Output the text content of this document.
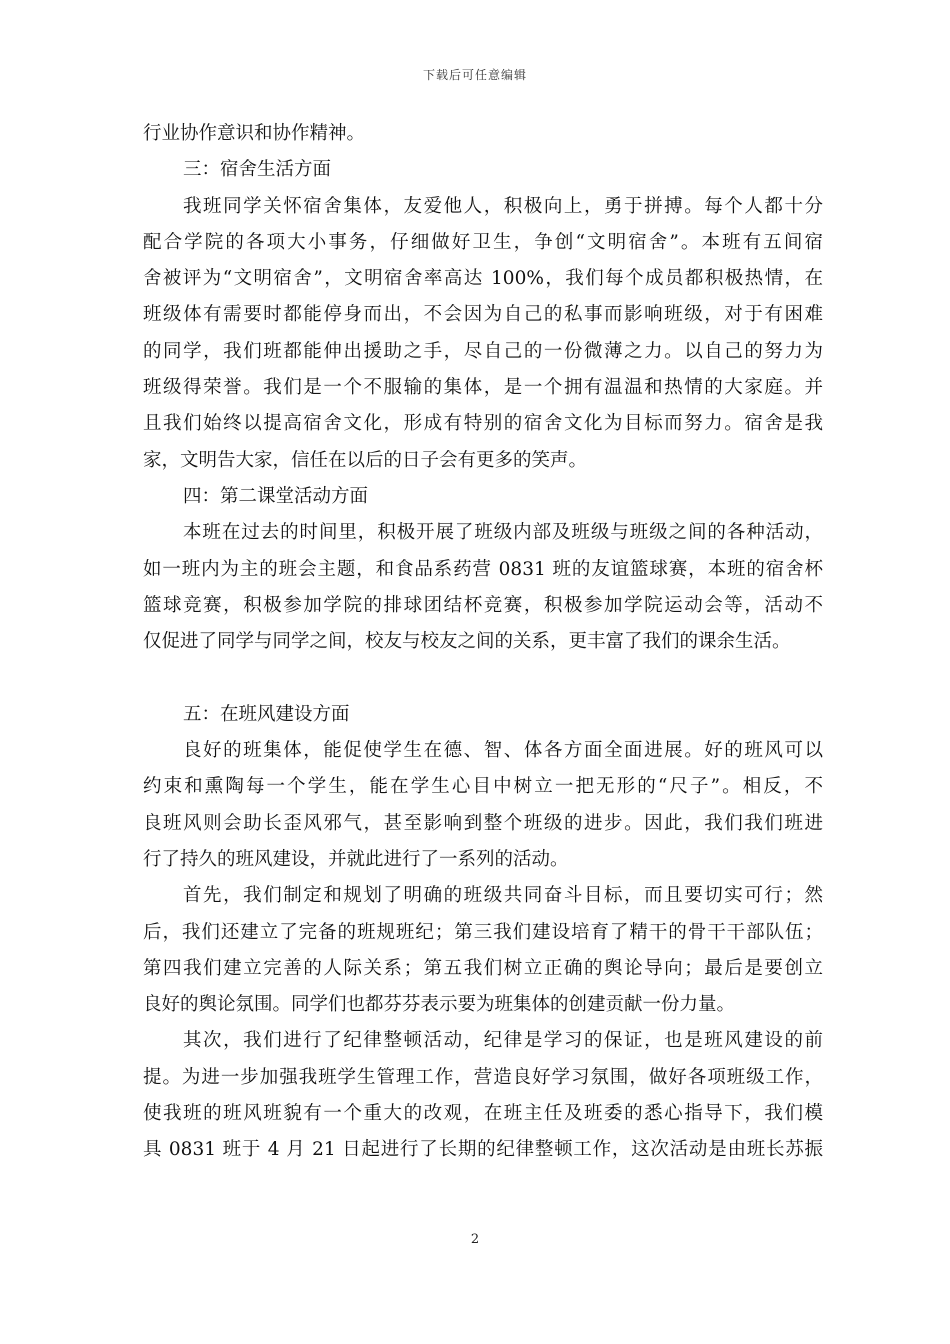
下载后可任意编辑
行业协作意识和协作精神。
三：宿舍生活方面
我班同学关怀宿舍集体，友爱他人，积极向上，勇于拼搏。每个人都十分
配合学院的各项大小事务，仔细做好卫生，争创“文明宿舍”。本班有五间宿
舍被评为“文明宿舍”，文明宿舍率高达 100%，我们每个成员都积极热情，在
班级体有需要时都能停身而出，不会因为自己的私事而影响班级，对于有困难
的同学，我们班都能伸出援助之手，尽自己的一份微薄之力。以自己的努力为
班级得荣誉。我们是一个不服输的集体，是一个拥有温温和热情的大家庭。并
且我们始终以提高宿舍文化，形成有特别的宿舍文化为目标而努力。宿舍是我
家，文明告大家，信任在以后的日子会有更多的笑声。
四：第二课堂活动方面
本班在过去的时间里，积极开展了班级内部及班级与班级之间的各种活动，
如一班内为主的班会主题，和食品系药营 0831 班的友谊篮球赛，本班的宿舍杯
篮球竞赛，积极参加学院的排球团结杯竞赛，积极参加学院运动会等，活动不
仅促进了同学与同学之间，校友与校友之间的关系，更丰富了我们的课余生活。
五：在班风建设方面
良好的班集体，能促使学生在德、智、体各方面全面进展。好的班风可以
约束和熏陶每一个学生，能在学生心目中树立一把无形的“尺子”。相反，不
良班风则会助长歪风邪气，甚至影响到整个班级的进步。因此，我们我们班进
行了持久的班风建设，并就此进行了一系列的活动。
首先，我们制定和规划了明确的班级共同奋斗目标，而且要切实可行；然
后，我们还建立了完备的班规班纪；第三我们建设培育了精干的骨干干部队伍；
第四我们建立完善的人际关系；第五我们树立正确的舆论导向；最后是要创立
良好的舆论氛围。同学们也都芬芬表示要为班集体的创建贡献一份力量。
其次，我们进行了纪律整顿活动，纪律是学习的保证，也是班风建设的前
提。为进一步加强我班学生管理工作，营造良好学习氛围，做好各项班级工作，
使我班的班风班貌有一个重大的改观，在班主任及班委的悉心指导下，我们模
具 0831 班于 4 月 21 日起进行了长期的纪律整顿工作，这次活动是由班长苏振
2
